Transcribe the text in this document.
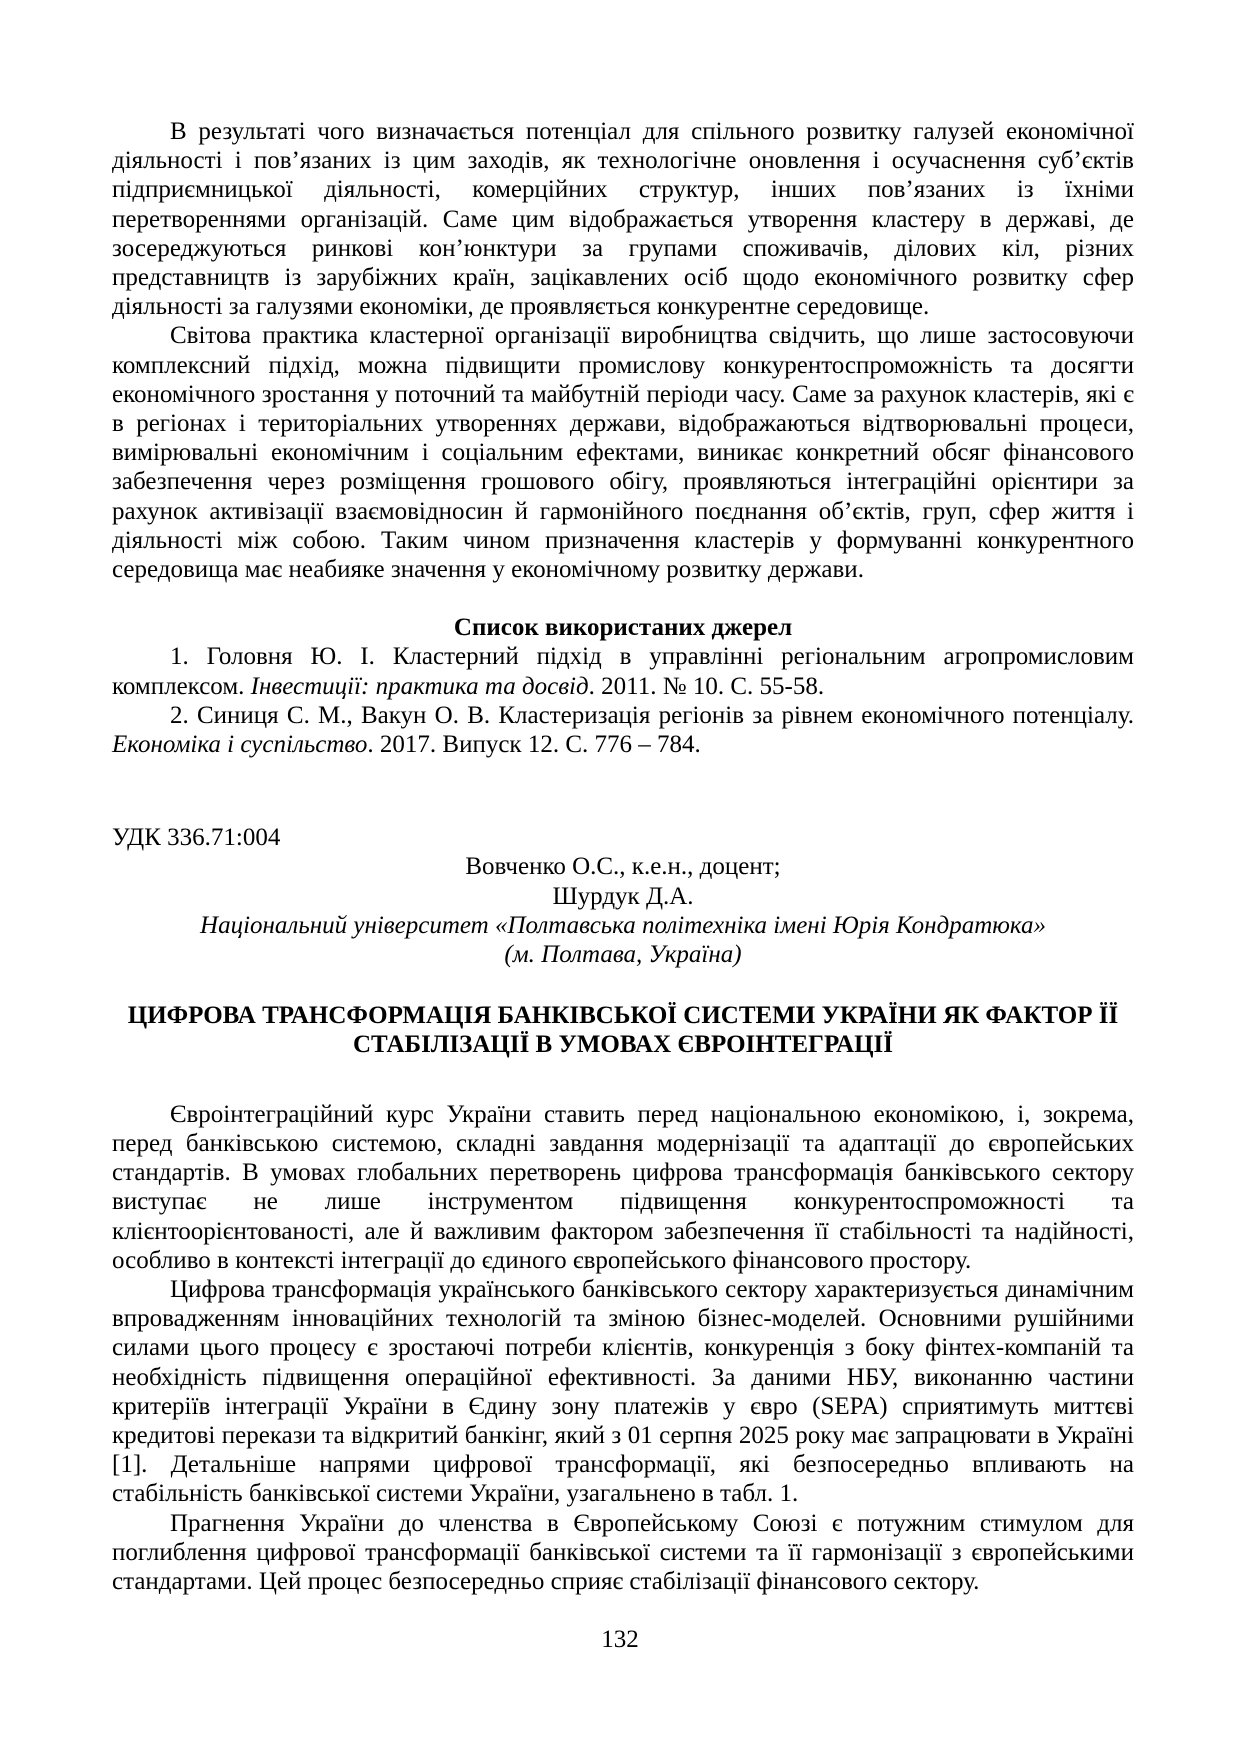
В результаті чого визначається потенціал для спільного розвитку галузей економічної діяльності і пов’язаних із цим заходів, як технологічне оновлення і осучаснення суб’єктів підприємницької діяльності, комерційних структур, інших пов’язаних із їхніми перетвореннями організацій. Саме цим відображається утворення кластеру в державі, де зосереджуються ринкові кон’юнктури за групами споживачів, ділових кіл, різних представництв із зарубіжних країн, зацікавлених осіб щодо економічного розвитку сфер діяльності за галузями економіки, де проявляється конкурентне середовище.

Світова практика кластерної організації виробництва свідчить, що лише застосовуючи комплексний підхід, можна підвищити промислову конкурентоспроможність та досягти економічного зростання у поточний та майбутній періоди часу. Саме за рахунок кластерів, які є в регіонах і територіальних утвореннях держави, відображаються відтворювальні процеси, вимірювальні економічним і соціальним ефектами, виникає конкретний обсяг фінансового забезпечення через розміщення грошового обігу, проявляються інтеграційні орієнтири за рахунок активізації взаємовідносин й гармонійного поєднання об’єктів, груп, сфер життя і діяльності між собою. Таким чином призначення кластерів у формуванні конкурентного середовища має неабияке значення у економічному розвитку держави.

Список використаних джерел

1. Головня Ю. І. Кластерний підхід в управлінні регіональним агропромисловим комплексом. Інвестиції: практика та досвід. 2011. № 10. С. 55-58.

2. Синиця С. М., Вакун О. В. Кластеризація регіонів за рівнем економічного потенціалу. Економіка і суспільство. 2017. Випуск 12. С. 776 – 784.

УДК 336.71:004

Вовченко О.С., к.е.н., доцент;

Шурдук Д.А.

Національний університет «Полтавська політехніка імені Юрія Кондратюка»

(м. Полтава, Україна)

ЦИФРОВА ТРАНСФОРМАЦІЯ БАНКІВСЬКОЇ СИСТЕМИ УКРАЇНИ ЯК ФАКТОР ЇЇ СТАБІЛІЗАЦІЇ В УМОВАХ ЄВРОІНТЕГРАЦІЇ

Євроінтеграційний курс України ставить перед національною економікою, і, зокрема, перед банківською системою, складні завдання модернізації та адаптації до європейських стандартів. В умовах глобальних перетворень цифрова трансформація банківського сектору виступає не лише інструментом підвищення конкурентоспроможності та клієнтоорієнтованості, але й важливим фактором забезпечення її стабільності та надійності, особливо в контексті інтеграції до єдиного європейського фінансового простору.

Цифрова трансформація українського банківського сектору характеризується динамічним впровадженням інноваційних технологій та зміною бізнес-моделей. Основними рушійними силами цього процесу є зростаючі потреби клієнтів, конкуренція з боку фінтех-компаній та необхідність підвищення операційної ефективності. За даними НБУ, виконанню частини критеріїв інтеграції України в Єдину зону платежів у євро (SEPA) сприятимуть миттєві кредитові перекази та відкритий банкінг, який з 01 серпня 2025 року має запрацювати в Україні [1]. Детальніше напрями цифрової трансформації, які безпосередньо впливають на стабільність банківської системи України, узагальнено в табл. 1.

Прагнення України до членства в Європейському Союзі є потужним стимулом для поглиблення цифрової трансформації банківської системи та її гармонізації з європейськими стандартами. Цей процес безпосередньо сприяє стабілізації фінансового сектору.

132
